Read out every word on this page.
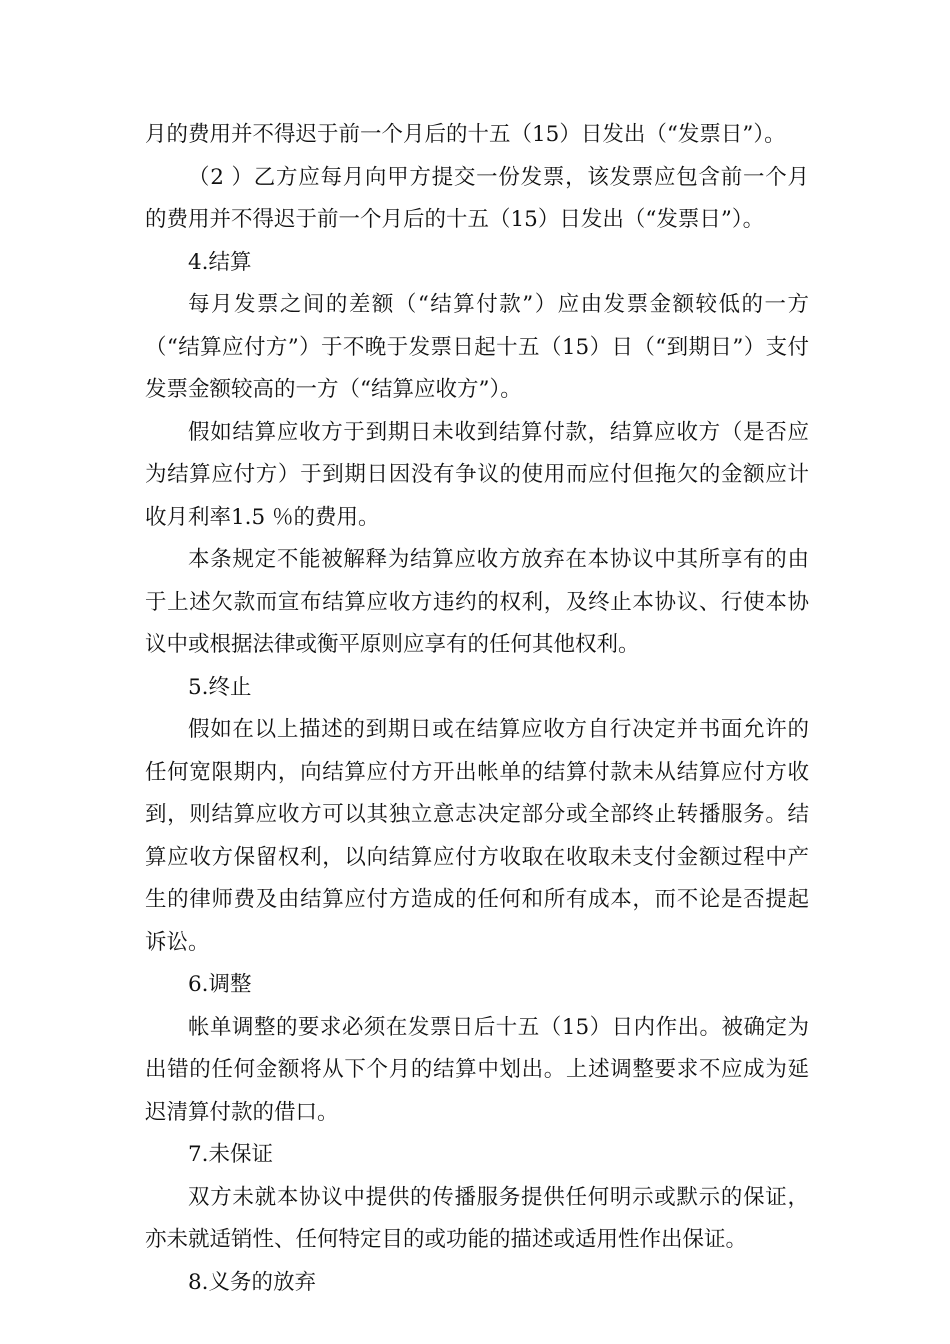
月的费用并不得迟于前一个月后的十五（15）日发出（“发票日”）。

（2 ）乙方应每月向甲方提交一份发票，该发票应包含前一个月的费用并不得迟于前一个月后的十五（15）日发出（“发票日”）。

4.结算

每月发票之间的差额（“结算付款”）应由发票金额较低的一方（“结算应付方”）于不晚于发票日起十五（15）日（“到期日”）支付发票金额较高的一方（“结算应收方”）。

假如结算应收方于到期日未收到结算付款，结算应收方（是否应为结算应付方）于到期日因没有争议的使用而应付但拖欠的金额应计收月利率1.5 ％的费用。

本条规定不能被解释为结算应收方放弃在本协议中其所享有的由于上述欠款而宣布结算应收方违约的权利，及终止本协议、行使本协议中或根据法律或衡平原则应享有的任何其他权利。

5.终止

假如在以上描述的到期日或在结算应收方自行决定并书面允许的任何宽限期内，向结算应付方开出帐单的结算付款未从结算应付方收到，则结算应收方可以其独立意志决定部分或全部终止转播服务。结算应收方保留权利，以向结算应付方收取在收取未支付金额过程中产生的律师费及由结算应付方造成的任何和所有成本，而不论是否提起诉讼。

6.调整

帐单调整的要求必须在发票日后十五（15）日内作出。被确定为出错的任何金额将从下个月的结算中划出。上述调整要求不应成为延迟清算付款的借口。

7.未保证

双方未就本协议中提供的传播服务提供任何明示或默示的保证，亦未就适销性、任何特定目的或功能的描述或适用性作出保证。

8.义务的放弃
